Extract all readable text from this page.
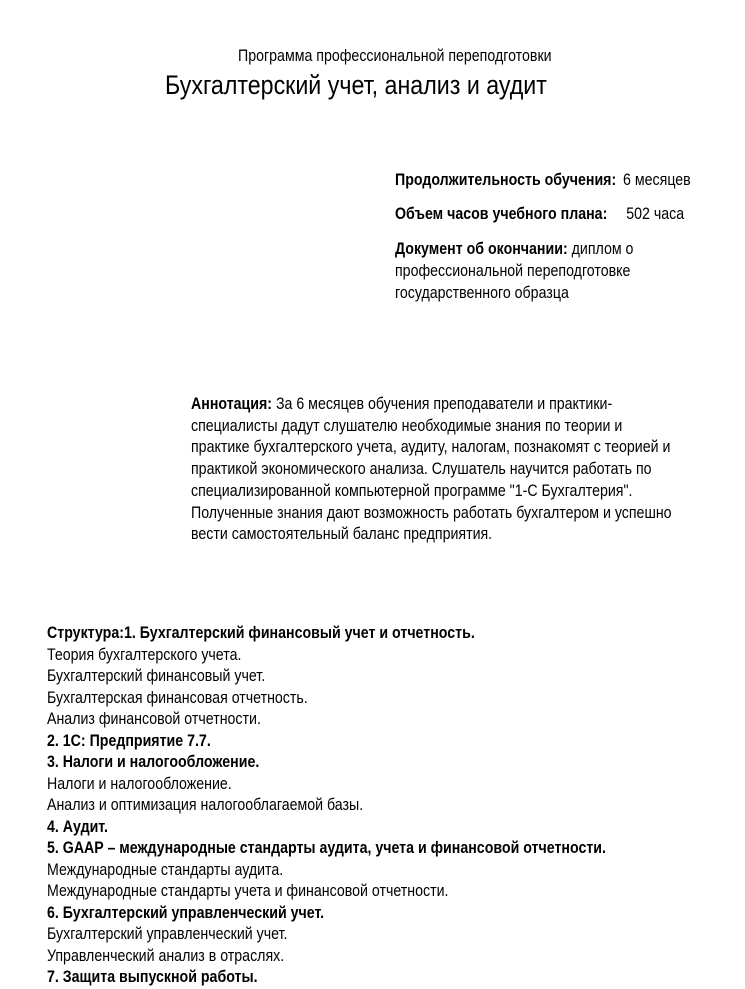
Программа профессиональной переподготовки
Бухгалтерский учет, анализ и аудит
Продолжительность обучения: 6 месяцев
Объем часов учебного плана: 502 часа
Документ об окончании: диплом о
профессиональной переподготовке
государственного образца
Аннотация: За 6 месяцев обучения преподаватели и практики-
специалисты дадут слушателю необходимые знания по теории и
практике бухгалтерского учета, аудиту, налогам, познакомят с теорией и
практикой экономического анализа. Слушатель научится работать по
специализированной компьютерной программе "1-С Бухгалтерия".
Полученные знания дают возможность работать бухгалтером и успешно
вести самостоятельный баланс предприятия.
Структура:1. Бухгалтерский финансовый учет и отчетность.
Теория бухгалтерского учета.
Бухгалтерский финансовый учет.
Бухгалтерская финансовая отчетность.
Анализ финансовой отчетности.
2. 1С: Предприятие 7.7.
3. Налоги и налогообложение.
Налоги и налогообложение.
Анализ и оптимизация налогооблагаемой базы.
4. Аудит.
5. GAAP – международные стандарты аудита, учета и финансовой отчетности.
Международные стандарты аудита.
Международные стандарты учета и финансовой отчетности.
6. Бухгалтерский управленческий учет.
Бухгалтерский управленческий учет.
Управленческий анализ в отраслях.
7. Защита выпускной работы.
